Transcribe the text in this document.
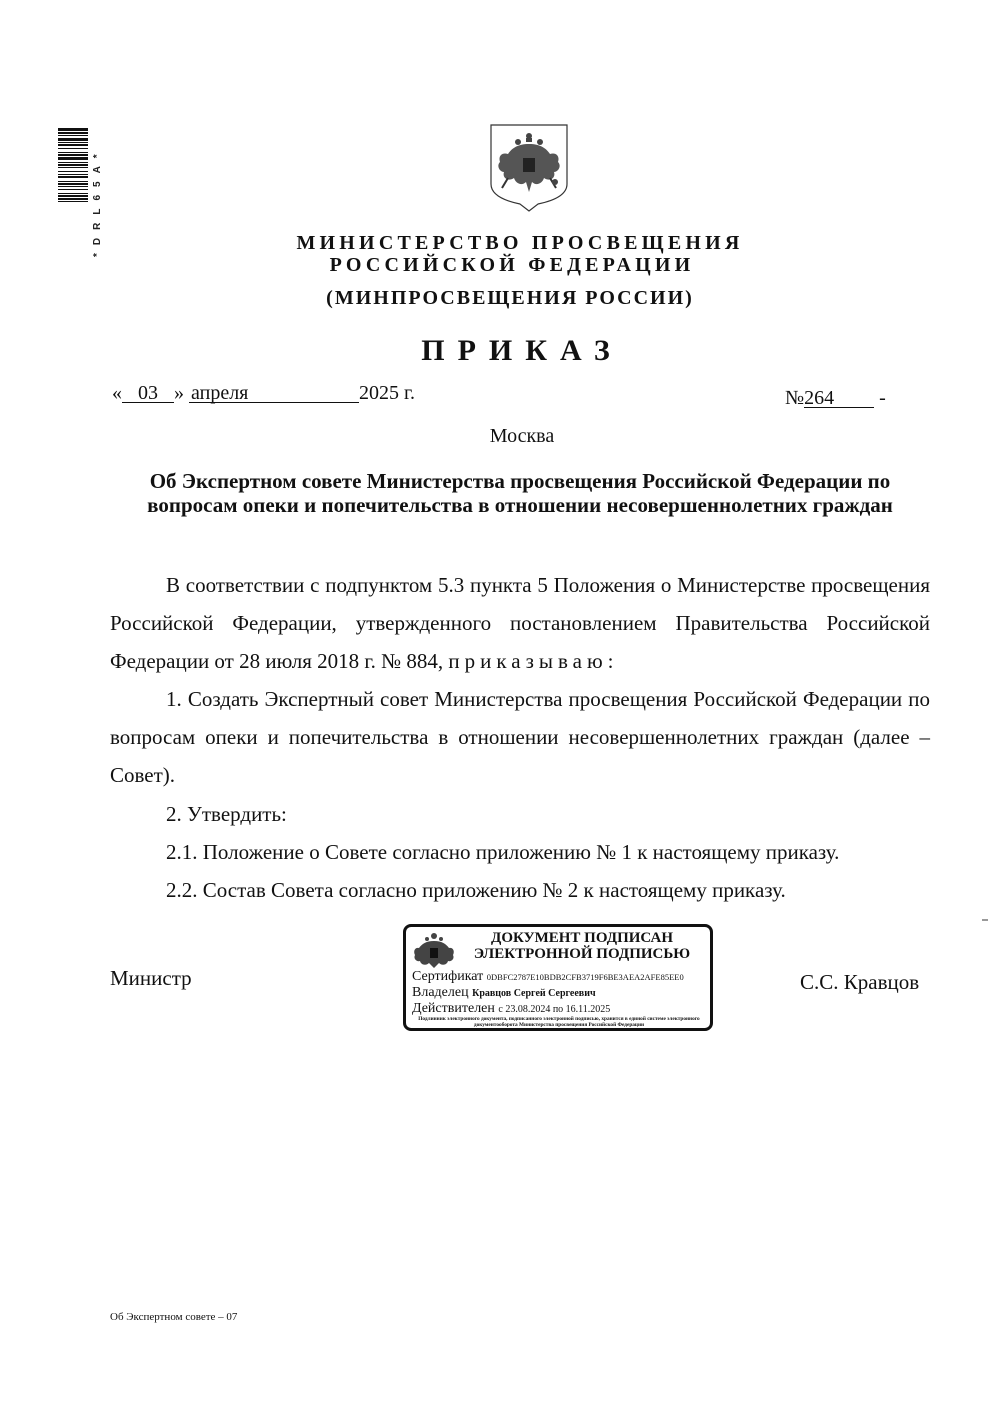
*DRL65A*	МИНИСТЕРСТВО ПРОСВЕЩЕНИЯ
РОССИЙСКОЙ ФЕДЕРАЦИИ
(МИНПРОСВЕЩЕНИЯ РОССИИ)
ПРИКАЗ
« 03 » апреля	2025 г.	№264 -
Москва
Об Экспертном совете Министерства просвещения Российской Федерации по вопросам опеки и попечительства в отношении несовершеннолетних граждан
В соответствии с подпунктом 5.3 пункта 5 Положения о Министерстве просвещения Российской Федерации, утвержденного постановлением Правительства Российской Федерации от 28 июля 2018 г. № 884, приказываю:
1. Создать Экспертный совет Министерства просвещения Российской Федерации по вопросам опеки и попечительства в отношении несовершеннолетних граждан (далее – Совет).
2. Утвердить:
2.1. Положение о Совете согласно приложению № 1 к настоящему приказу.
2.2. Состав Совета согласно приложению № 2 к настоящему приказу.
Министр	С.С. Кравцов
ДОКУМЕНТ ПОДПИСАН
ЭЛЕКТРОННОЙ ПОДПИСЬЮ
Сертификат 0DBFC2787E10BDB2CFB3719F6BE3AEA2AFE85EE0
Владелец Кравцов Сергей Сергеевич
Действителен с 23.08.2024 по 16.11.2025
Подлинник электронного документа, подписанного электронной подписью, хранится в единой системе электронного документооборота Министерства просвещения Российской Федерации
Об Экспертном совете – 07
